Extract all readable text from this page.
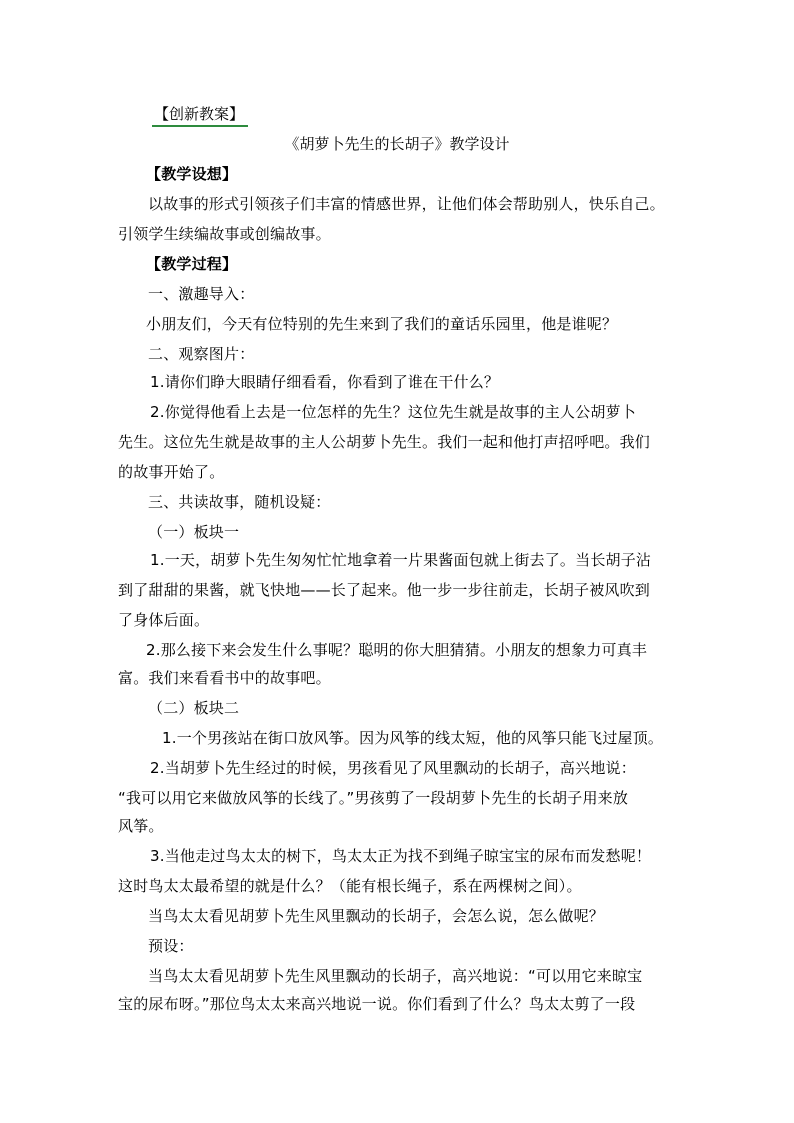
【创新教案】
《胡萝卜先生的长胡子》教学设计
【教学设想】
以故事的形式引领孩子们丰富的情感世界，让他们体会帮助别人，快乐自己。
引领学生续编故事或创编故事。
【教学过程】
一、激趣导入：
小朋友们，今天有位特别的先生来到了我们的童话乐园里，他是谁呢？
二、观察图片：
1.请你们睁大眼睛仔细看看，你看到了谁在干什么？
2.你觉得他看上去是一位怎样的先生？这位先生就是故事的主人公胡萝卜
先生。这位先生就是故事的主人公胡萝卜先生。我们一起和他打声招呼吧。我们
的故事开始了。
三、共读故事，随机设疑：
（一）板块一
1.一天，胡萝卜先生匆匆忙忙地拿着一片果酱面包就上街去了。当长胡子沾
到了甜甜的果酱，就飞快地——长了起来。他一步一步往前走，长胡子被风吹到
了身体后面。
2.那么接下来会发生什么事呢？聪明的你大胆猜猜。小朋友的想象力可真丰
富。我们来看看书中的故事吧。
（二）板块二
1.一个男孩站在街口放风筝。因为风筝的线太短，他的风筝只能飞过屋顶。
2.当胡萝卜先生经过的时候，男孩看见了风里飘动的长胡子，高兴地说：
“我可以用它来做放风筝的长线了。”男孩剪了一段胡萝卜先生的长胡子用来放
风筝。
3.当他走过鸟太太的树下，鸟太太正为找不到绳子晾宝宝的尿布而发愁呢！
这时鸟太太最希望的就是什么？（能有根长绳子，系在两棵树之间）。
当鸟太太看见胡萝卜先生风里飘动的长胡子，会怎么说，怎么做呢？
预设：
当鸟太太看见胡萝卜先生风里飘动的长胡子，高兴地说：“可以用它来晾宝
宝的尿布呀。”那位鸟太太来高兴地说一说。你们看到了什么？鸟太太剪了一段
